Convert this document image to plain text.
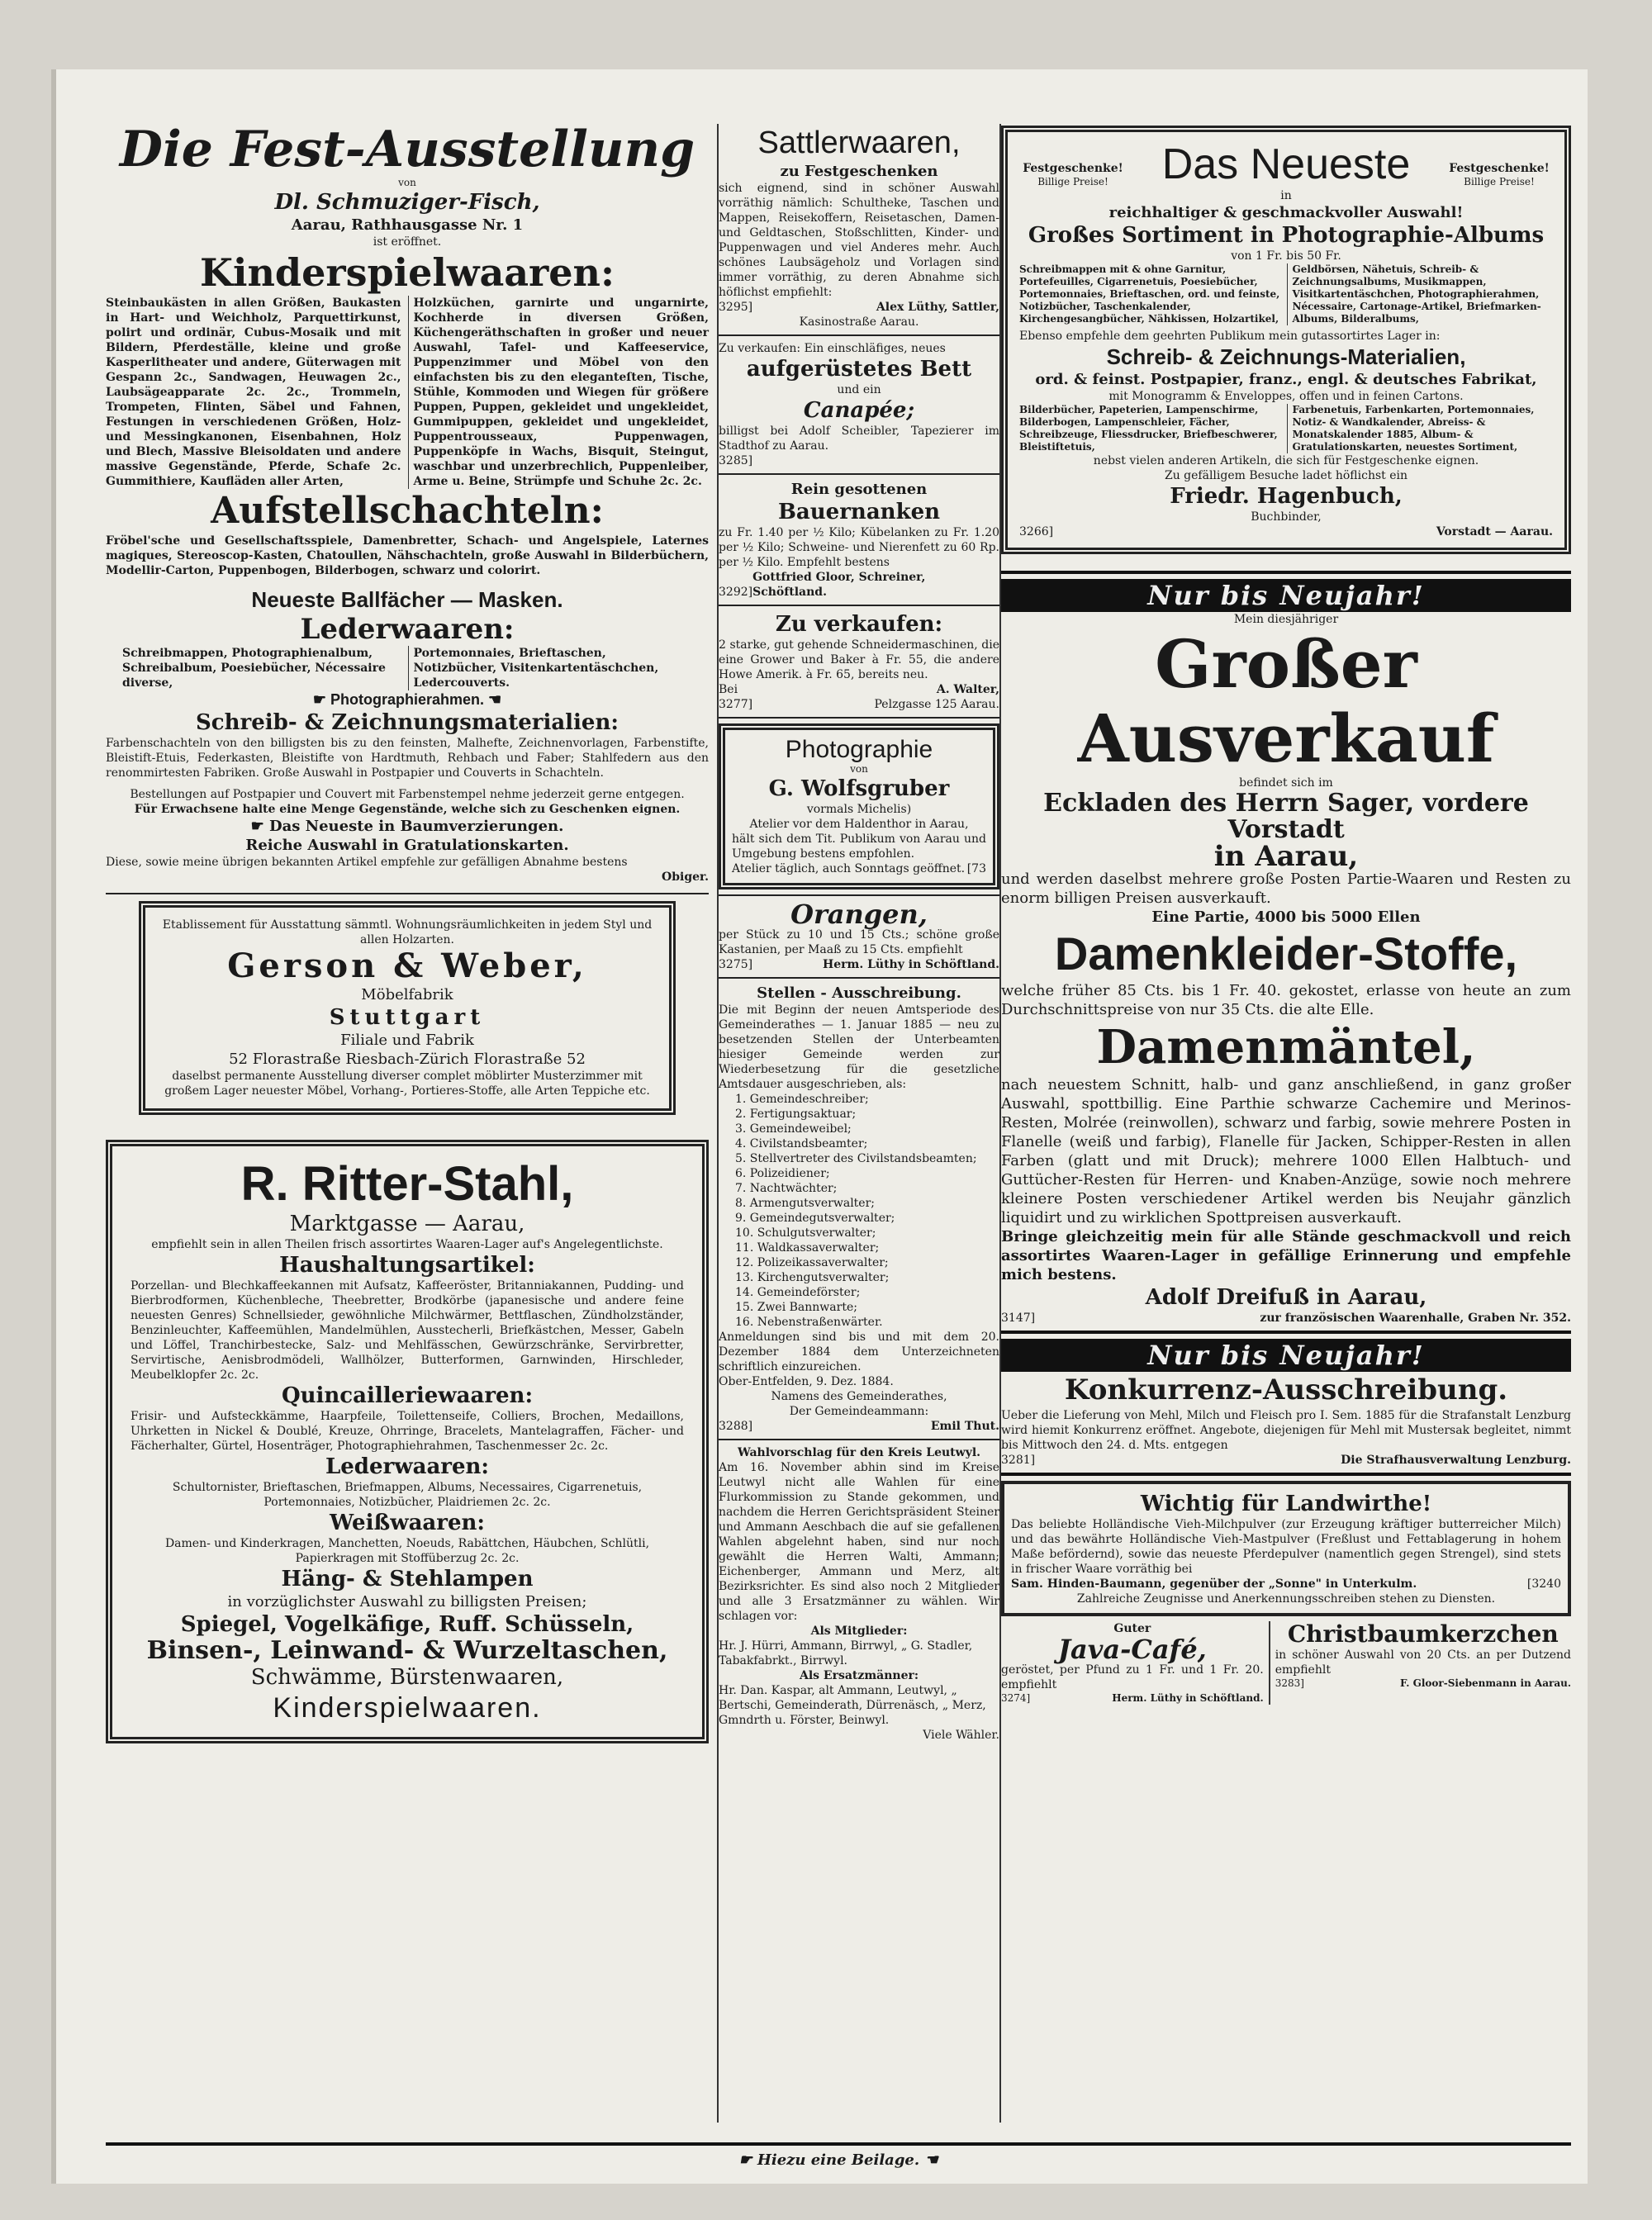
Die Fest-Ausstellung
von
Dl. Schmuziger-Fisch,
Aarau, Rathhausgasse Nr. 1
ist eröffnet.
Kinderspielwaaren:
Steinbaukästen in allen Größen, Baukasten in Hart- und Weichholz, Parquettirkunst, polirt und ordinär, Cubus-Mosaik und mit Bildern, Pferdeställe, kleine und große Kasperlitheater und andere, Güterwagen mit Gespann 2c., Sandwagen, Heuwagen 2c., Laubsägeapparate 2c. 2c., Trommeln, Trompeten, Flinten, Säbel und Fahnen, Festungen in verschiedenen Größen, Holz- und Messingkanonen, Eisenbahnen, Holz und Blech, Massive Bleisoldaten und andere massive Gegenstände, Pferde, Schafe 2c. Gummithiere, Kaufläden aller Arten,
Holzküchen, garnirte und ungarnirte, Kochherde in diversen Größen, Küchengeräthschaften in großer und neuer Auswahl, Tafel- und Kaffeeservice, Puppenzimmer und Möbel von den einfachsten bis zu den eleganteſten, Tische, Stühle, Kommoden und Wiegen für größere Puppen, Puppen, gekleidet und ungekleidet, Gummipuppen, gekleidet und ungekleidet, Puppentrousseaux, Puppenwagen, Puppenköpfe in Wachs, Bisquit, Steingut, waschbar und unzerbrechlich, Puppenleiber, Arme u. Beine, Strümpfe und Schuhe 2c. 2c.
Aufstellschachteln:
Fröbel'sche und Gesellschaftsspiele, Damenbretter, Schach- und Angelspiele, Laternes magiques, Stereoscop-Kasten, Chatoullen, Nähschachteln, große Auswahl in Bilderbüchern, Modellir-Carton, Puppenbogen, Bilderbogen, schwarz und colorirt.
Neueste Ballfächer — Masken.
Lederwaaren:
Schreibmappen, Photographienalbum, Schreibalbum, Poesiebücher, Nécessaire diverse,
Portemonnaies, Brieftaschen, Notizbücher, Visitenkartentäschchen, Ledercouverts.
☛ Photographierahmen. ☚
Schreib- & Zeichnungsmaterialien:
Farbenschachteln von den billigsten bis zu den feinsten, Malhefte, Zeichnenvorlagen, Farbenstifte, Bleistift-Etuis, Federkasten, Bleistifte von Hardtmuth, Rehbach und Faber; Stahlfedern aus den renommirtesten Fabriken. Große Auswahl in Postpapier und Couverts in Schachteln.
Bestellungen auf Postpapier und Couvert mit Farbenstempel nehme jederzeit gerne entgegen.
Für Erwachsene halte eine Menge Gegenstände, welche sich zu Geschenken eignen.
☛ Das Neueste in Baumverzierungen.
Reiche Auswahl in Gratulationskarten.
Diese, sowie meine übrigen bekannten Artikel empfehle zur gefälligen Abnahme bestens
Obiger.
Etablissement für Ausstattung sämmtl. Wohnungsräumlichkeiten in jedem Styl und allen Holzarten.
Gerson & Weber,
Möbelfabrik
Stuttgart
Filiale und Fabrik
52 Florastraße Riesbach-Zürich Florastraße 52
daselbst permanente Ausstellung diverser complet möblirter Musterzimmer mit großem Lager neuester Möbel, Vorhang-, Portieres-Stoffe, alle Arten Teppiche etc.
R. Ritter-Stahl,
Marktgasse — Aarau,
empfiehlt sein in allen Theilen frisch assortirtes Waaren-Lager auf's Angelegentlichste.
Haushaltungsartikel:
Porzellan- und Blechkaffeekannen mit Aufsatz, Kaffeeröster, Britanniakannen, Pudding- und Bierbrodformen, Küchenbleche, Theebretter, Brodkörbe (japanesische und andere feine neuesten Genres) Schnellsieder, gewöhnliche Milchwärmer, Bettflaschen, Zündholzständer, Benzinleuchter, Kaffeemühlen, Mandelmühlen, Ausstecherli, Briefkästchen, Messer, Gabeln und Löffel, Tranchirbestecke, Salz- und Mehlfässchen, Gewürzschränke, Servirbretter, Servirtische, Aenisbrodmödeli, Wallhölzer, Butterformen, Garnwinden, Hirschleder, Meubelklopfer 2c. 2c.
Quincailleriewaaren:
Frisir- und Aufsteckkämme, Haarpfeile, Toilettenseife, Colliers, Brochen, Medaillons, Uhrketten in Nickel & Doublé, Kreuze, Ohrringe, Bracelets, Mantelagraffen, Fächer- und Fächerhalter, Gürtel, Hosenträger, Photographiehrahmen, Taschenmesser 2c. 2c.
Lederwaaren:
Schultornister, Brieftaschen, Briefmappen, Albums, Necessaires, Cigarrenetuis, Portemonnaies, Notizbücher, Plaidriemen 2c. 2c.
Weißwaaren:
Damen- und Kinderkragen, Manchetten, Noeuds, Rabättchen, Häubchen, Schlütli, Papierkragen mit Stoffüberzug 2c. 2c.
Häng- & Stehlampen
in vorzüglichster Auswahl zu billigsten Preisen;
Spiegel, Vogelkäfige, Ruff. Schüsseln,
Binsen-, Leinwand- & Wurzeltaschen,
Schwämme, Bürstenwaaren,
Kinderspielwaaren.
Sattlerwaaren,
zu Festgeschenken
sich eignend, sind in schöner Auswahl vorräthig nämlich: Schultheke, Taschen und Mappen, Reisekoffern, Reisetaschen, Damen- und Geldtaschen, Stoßschlitten, Kinder- und Puppenwagen und viel Anderes mehr. Auch schönes Laubsägeholz und Vorlagen sind immer vorräthig, zu deren Abnahme sich höflichst empfiehlt:
3295]	Alex Lüthy, Sattler,
Kasinostraße Aarau.
Zu verkaufen: Ein einschläfiges, neues
aufgerüstetes Bett
und ein
Canapée;
billigst bei Adolf Scheibler, Tapezierer im Stadthof zu Aarau.
3285]
Rein gesottenen
Bauernanken
zu Fr. 1.40 per ½ Kilo; Kübelanken zu Fr. 1.20 per ½ Kilo; Schweine- und Nierenfett zu 60 Rp. per ½ Kilo. Empfehlt bestens
3292]
Gottfried Gloor, Schreiner, Schöftland.
Zu verkaufen:
2 starke, gut gehende Schneidermaschinen, die eine Grower und Baker à Fr. 55, die andere Howe Amerik. à Fr. 65, bereits neu.
Bei	A. Walter,
3277]	Pelzgasse 125 Aarau.
Photographie
von
G. Wolfsgruber
vormals Michelis)
Atelier vor dem Haldenthor in Aarau,
hält sich dem Tit. Publikum von Aarau und Umgebung bestens empfohlen.
Atelier täglich, auch Sonntags geöffnet. [73
Orangen,
per Stück zu 10 und 15 Cts.; schöne große Kastanien, per Maaß zu 15 Cts. empfiehlt
3275]	Herm. Lüthy in Schöftland.
Stellen - Ausschreibung.
Die mit Beginn der neuen Amtsperiode des Gemeinderathes — 1. Januar 1885 — neu zu besetzenden Stellen der Unterbeamten hiesiger Gemeinde werden zur Wiederbesetzung für die gesetzliche Amtsdauer ausgeschrieben, als:
1. Gemeindeschreiber;
2. Fertigungsaktuar;
3. Gemeindeweibel;
4. Civilstandsbeamter;
5. Stellvertreter des Civilstandsbeamten;
6. Polizeidiener;
7. Nachtwächter;
8. Armengutsverwalter;
9. Gemeindegutsverwalter;
10. Schulgutsverwalter;
11. Waldkassaverwalter;
12. Polizeikassaverwalter;
13. Kirchengutsverwalter;
14. Gemeindeförster;
15. Zwei Bannwarte;
16. Nebenstraßenwärter.
Anmeldungen sind bis und mit dem 20. Dezember 1884 dem Unterzeichneten schriftlich einzureichen.
Ober-Entfelden, 9. Dez. 1884.
Namens des Gemeinderathes,
Der Gemeindeammann:
3288]	Emil Thut.
Wahlvorschlag für den Kreis Leutwyl.
Am 16. November abhin sind im Kreise Leutwyl nicht alle Wahlen für eine Flurkommission zu Stande gekommen, und nachdem die Herren Gerichtspräsident Steiner und Ammann Aeschbach die auf sie gefallenen Wahlen abgelehnt haben, sind nur noch gewählt die Herren Walti, Ammann; Eichenberger, Ammann und Merz, alt Bezirksrichter. Es sind also noch 2 Mitglieder und alle 3 Ersatzmänner zu wählen. Wir schlagen vor:
Als Mitglieder:
Hr. J. Hürri, Ammann, Birrwyl, „ G. Stadler, Tabakfabrkt., Birrwyl.
Als Ersatzmänner:
Hr. Dan. Kaspar, alt Ammann, Leutwyl, „ Bertschi, Gemeinderath, Dürrenäsch, „ Merz, Gmndrth u. Förster, Beinwyl.
Viele Wähler.
Festgeschenke!
Billige Preise!	Das Neueste	Festgeschenke!
Billige Preise!
in
reichhaltiger & geschmackvoller Auswahl!
Großes Sortiment in Photographie-Albums
von 1 Fr. bis 50 Fr.
Schreibmappen mit & ohne Garnitur, Portefeuilles, Cigarrenetuis, Poesiebücher, Portemonnaies, Brieftaschen, ord. und feinste, Notizbücher, Taschenkalender, Kirchengesangbücher, Nähkissen, Holzartikel,
Geldbörsen, Nähetuis, Schreib- & Zeichnungsalbums, Musikmappen, Visitkartentäschchen, Photographierahmen, Nécessaire, Cartonage-Artikel, Briefmarken-Albums, Bilderalbums,
Ebenso empfehle dem geehrten Publikum mein gutassortirtes Lager in:
Schreib- & Zeichnungs-Materialien,
ord. & feinst. Postpapier, franz., engl. & deutsches Fabrikat,
mit Monogramm & Enveloppes, offen und in feinen Cartons.
Bilderbücher, Papeterien, Lampenschirme, Bilderbogen, Lampenschleier, Fächer, Schreibzeuge, Fliessdrucker, Briefbeschwerer, Bleistiftetuis,
Farbenetuis, Farbenkarten, Portemonnaies, Notiz- & Wandkalender, Abreiss- & Monatskalender 1885, Album- & Gratulationskarten, neuestes Sortiment,
nebst vielen anderen Artikeln, die sich für Festgeschenke eignen.
Zu gefälligem Besuche ladet höflichst ein
Friedr. Hagenbuch,
Buchbinder,
3266]	Vorstadt — Aarau.
Nur bis Neujahr!
Mein diesjähriger
Großer Ausverkauf
befindet sich im
Eckladen des Herrn Sager, vordere Vorstadt
in Aarau,
und werden daselbst mehrere große Posten Partie-Waaren und Resten zu enorm billigen Preisen ausverkauft.
Eine Partie, 4000 bis 5000 Ellen
Damenkleider-Stoffe,
welche früher 85 Cts. bis 1 Fr. 40. gekostet, erlasse von heute an zum Durchschnittspreise von nur 35 Cts. die alte Elle.
Damenmäntel,
nach neuestem Schnitt, halb- und ganz anschließend, in ganz großer Auswahl, spottbillig. Eine Parthie schwarze Cachemire und Merinos-Resten, Molrée (reinwollen), schwarz und farbig, sowie mehrere Posten in Flanelle (weiß und farbig), Flanelle für Jacken, Schipper-Resten in allen Farben (glatt und mit Druck); mehrere 1000 Ellen Halbtuch- und Guttücher-Resten für Herren- und Knaben-Anzüge, sowie noch mehrere kleinere Posten verschiedener Artikel werden bis Neujahr gänzlich liquidirt und zu wirklichen Spottpreisen ausverkauft.
Bringe gleichzeitig mein für alle Stände geschmackvoll und reich assortirtes Waaren-Lager in gefällige Erinnerung und empfehle mich bestens.
Adolf Dreifuß in Aarau,
3147]	zur französischen Waarenhalle, Graben Nr. 352.
Nur bis Neujahr!
Konkurrenz-Ausschreibung.
Ueber die Lieferung von Mehl, Milch und Fleisch pro I. Sem. 1885 für die Strafanstalt Lenzburg wird hiemit Konkurrenz eröffnet. Angebote, diejenigen für Mehl mit Mustersak begleitet, nimmt bis Mittwoch den 24. d. Mts. entgegen
3281]	Die Strafhausverwaltung Lenzburg.
Wichtig für Landwirthe!
Das beliebte Holländische Vieh-Milchpulver (zur Erzeugung kräftiger butterreicher Milch) und das bewährte Holländische Vieh-Mastpulver (Freßlust und Fettablagerung in hohem Maße befördernd), sowie das neueste Pferdepulver (namentlich gegen Strengel), sind stets in frischer Waare vorräthig bei
Sam. Hinden-Baumann, gegenüber der „Sonne" in Unterkulm.	[3240
Zahlreiche Zeugnisse und Anerkennungsschreiben stehen zu Diensten.
Guter
Java-Café,
geröstet, per Pfund zu 1 Fr. und 1 Fr. 20. empfiehlt
3274]	Herm. Lüthy in Schöftland.
Christbaumkerzchen
in schöner Auswahl von 20 Cts. an per Dutzend empfiehlt
3283]	F. Gloor-Siebenmann in Aarau.
☛ Hiezu eine Beilage. ☚
